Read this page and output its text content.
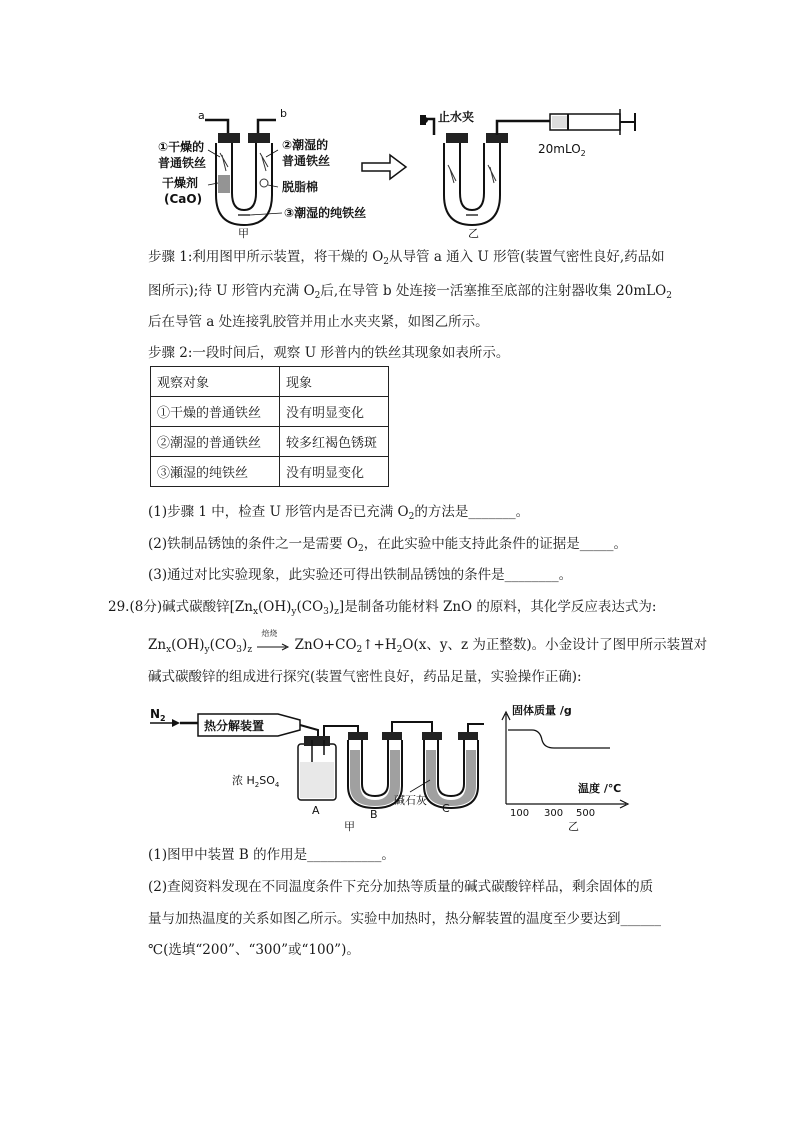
a	b
①干燥的
普通铁丝
干燥剂
(CaO)
②潮湿的
普通铁丝
脱脂棉
③潮湿的纯铁丝
甲
止水夹
20mLO$_2$
乙
步骤 1:利用图甲所示装置，将干燥的 $O_2$从导管 a 通入 U 形管(装置气密性良好,药品如
图所示);待 U 形管内充满 $O_2$后,在导管 b 处连接一活塞推至底部的注射器收集 20mLO$_2$
后在导管 a 处连接乳胶管并用止水夹夹紧，如图乙所示。
步骤 2:一段时间后，观察 U 形普内的铁丝其现象如表所示。
观察对象	现象
①干燥的普通铁丝	没有明显变化
②潮湿的普通铁丝	较多红褐色锈斑
③瀬湿的纯铁丝	没有明显变化
(1)步骤 1 中，检查 U 形管内是否已充满 $O_2$的方法是_______。
(2)铁制品锈蚀的条件之一是需要 $O_2$，在此实验中能支持此条件的证据是_____。
(3)通过对比实验现象，此实验还可得出铁制品锈蚀的条件是________。
29.(8分)碱式碳酸锌$[Zn_x(OH)_y(CO_3)_z]$是制备功能材料 ZnO 的原料，其化学反应表达式为:
$Zn_x(OH)_y(CO_3)_z$
焙烧
$ZnO+CO_2↑+H_2O(x$、y、z 为正整数)。小金设计了图甲所示装置对
碱式碳酸锌的组成进行探究(装置气密性良好，药品足量，实验操作正确):
$N_2$
热分解装置
浓 $H_2SO_4$
A	B	C
碱石灰
甲
固体质量 /g
温度 /℃
100 300 500
乙
(1)图甲中装置 B 的作用是___________。
(2)查阅资料发现在不同温度条件下充分加热等质量的碱式碳酸锌样品，剩余固体的质
量与加热温度的关系如图乙所示。实验中加热时，热分解装置的温度至少要达到______
℃(选填“200”、“300”或“100”)。
